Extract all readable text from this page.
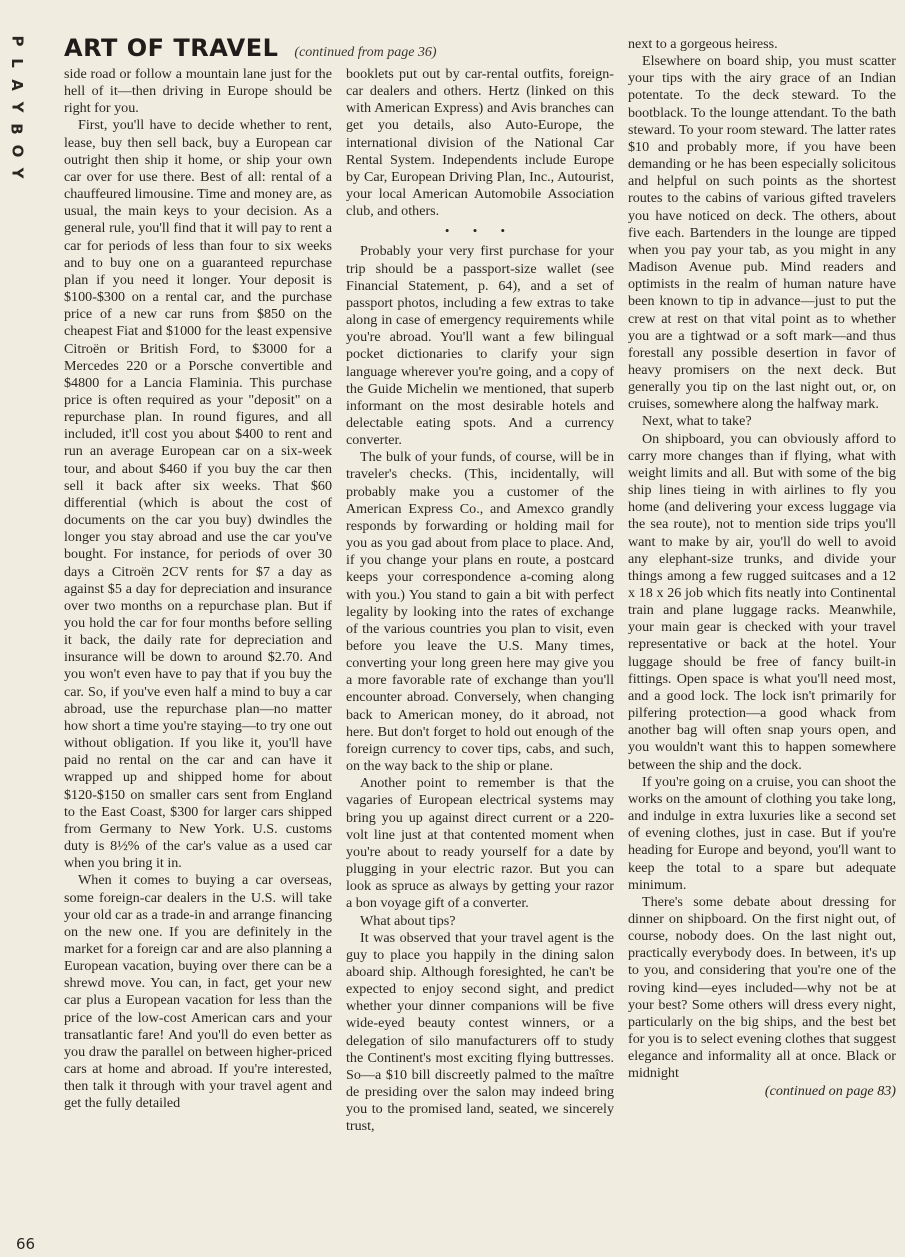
P
L
A
Y
B
O
Y
ART OF TRAVEL (continued from page 36)

side road or follow a mountain lane just for the hell of it—then driving in Europe should be right for you.

First, you'll have to decide whether to rent, lease, buy then sell back, buy a European car outright then ship it home, or ship your own car over for use there. Best of all: rental of a chauffeured limousine. Time and money are, as usual, the main keys to your decision. As a general rule, you'll find that it will pay to rent a car for periods of less than four to six weeks and to buy one on a guaranteed repurchase plan if you need it longer. Your deposit is $100-$300 on a rental car, and the purchase price of a new car runs from $850 on the cheapest Fiat and $1000 for the least expensive Citroën or British Ford, to $3000 for a Mercedes 220 or a Porsche convertible and $4800 for a Lancia Flaminia. This purchase price is often required as your "deposit" on a repurchase plan. In round figures, and all included, it'll cost you about $400 to rent and run an average European car on a six-week tour, and about $460 if you buy the car then sell it back after six weeks. That $60 differential (which is about the cost of documents on the car you buy) dwindles the longer you stay abroad and use the car you've bought. For instance, for periods of over 30 days a Citroën 2CV rents for $7 a day as against $5 a day for depreciation and insurance over two months on a repurchase plan. But if you hold the car for four months before selling it back, the daily rate for depreciation and insurance will be down to around $2.70. And you won't even have to pay that if you buy the car. So, if you've even half a mind to buy a car abroad, use the repurchase plan—no matter how short a time you're staying—to try one out without obligation. If you like it, you'll have paid no rental on the car and can have it wrapped up and shipped home for about $120-$150 on smaller cars sent from England to the East Coast, $300 for larger cars shipped from Germany to New York. U.S. customs duty is 8½% of the car's value as a used car when you bring it in.

When it comes to buying a car overseas, some foreign-car dealers in the U.S. will take your old car as a trade-in and arrange financing on the new one. If you are definitely in the market for a foreign car and are also planning a European vacation, buying over there can be a shrewd move. You can, in fact, get your new car plus a European vacation for less than the price of the low-cost American cars and your transatlantic fare! And you'll do even better as you draw the parallel on between higher-priced cars at home and abroad. If you're interested, then talk it through with your travel agent and get the fully detailed

booklets put out by car-rental outfits, foreign-car dealers and others. Hertz (linked on this with American Express) and Avis branches can get you details, also Auto-Europe, the international division of the National Car Rental System. Independents include Europe by Car, European Driving Plan, Inc., Autourist, your local American Automobile Association club, and others.

• • •

Probably your very first purchase for your trip should be a passport-size wallet (see Financial Statement, p. 64), and a set of passport photos, including a few extras to take along in case of emergency requirements while you're abroad. You'll want a few bilingual pocket dictionaries to clarify your sign language wherever you're going, and a copy of the Guide Michelin we mentioned, that superb informant on the most desirable hotels and delectable eating spots. And a currency converter.

The bulk of your funds, of course, will be in traveler's checks. (This, incidentally, will probably make you a customer of the American Express Co., and Amexco grandly responds by forwarding or holding mail for you as you gad about from place to place. And, if you change your plans en route, a postcard keeps your correspondence a-coming along with you.) You stand to gain a bit with perfect legality by looking into the rates of exchange of the various countries you plan to visit, even before you leave the U.S. Many times, converting your long green here may give you a more favorable rate of exchange than you'll encounter abroad. Conversely, when changing back to American money, do it abroad, not here. But don't forget to hold out enough of the foreign currency to cover tips, cabs, and such, on the way back to the ship or plane.

Another point to remember is that the vagaries of European electrical systems may bring you up against direct current or a 220-volt line just at that contented moment when you're about to ready yourself for a date by plugging in your electric razor. But you can look as spruce as always by getting your razor a bon voyage gift of a converter.

What about tips?

It was observed that your travel agent is the guy to place you happily in the dining salon aboard ship. Although foresighted, he can't be expected to enjoy second sight, and predict whether your dinner companions will be five wide-eyed beauty contest winners, or a delegation of silo manufacturers off to study the Continent's most exciting flying buttresses. So—a $10 bill discreetly palmed to the maître de presiding over the salon may indeed bring you to the promised land, seated, we sincerely trust,

next to a gorgeous heiress.

Elsewhere on board ship, you must scatter your tips with the airy grace of an Indian potentate. To the deck steward. To the bootblack. To the lounge attendant. To the bath steward. To your room steward. The latter rates $10 and probably more, if you have been demanding or he has been especially solicitous and helpful on such points as the shortest routes to the cabins of various gifted travelers you have noticed on deck. The others, about five each. Bartenders in the lounge are tipped when you pay your tab, as you might in any Madison Avenue pub. Mind readers and optimists in the realm of human nature have been known to tip in advance—just to put the crew at rest on that vital point as to whether you are a tightwad or a soft mark—and thus forestall any possible desertion in favor of heavy promisers on the next deck. But generally you tip on the last night out, or, on cruises, somewhere along the halfway mark.

Next, what to take?

On shipboard, you can obviously afford to carry more changes than if flying, what with weight limits and all. But with some of the big ship lines tieing in with airlines to fly you home (and delivering your excess luggage via the sea route), not to mention side trips you'll want to make by air, you'll do well to avoid any elephant-size trunks, and divide your things among a few rugged suitcases and a 12 x 18 x 26 job which fits neatly into Continental train and plane luggage racks. Meanwhile, your main gear is checked with your travel representative or back at the hotel. Your luggage should be free of fancy built-in fittings. Open space is what you'll need most, and a good lock. The lock isn't primarily for pilfering protection—a good whack from another bag will often snap yours open, and you wouldn't want this to happen somewhere between the ship and the dock.

If you're going on a cruise, you can shoot the works on the amount of clothing you take long, and indulge in extra luxuries like a second set of evening clothes, just in case. But if you're heading for Europe and beyond, you'll want to keep the total to a spare but adequate minimum.

There's some debate about dressing for dinner on shipboard. On the first night out, of course, nobody does. On the last night out, practically everybody does. In between, it's up to you, and considering that you're one of the roving kind—eyes included—why not be at your best? Some others will dress every night, particularly on the big ships, and the best bet for you is to select evening clothes that suggest elegance and informality all at once. Black or midnight

(continued on page 83)

66
